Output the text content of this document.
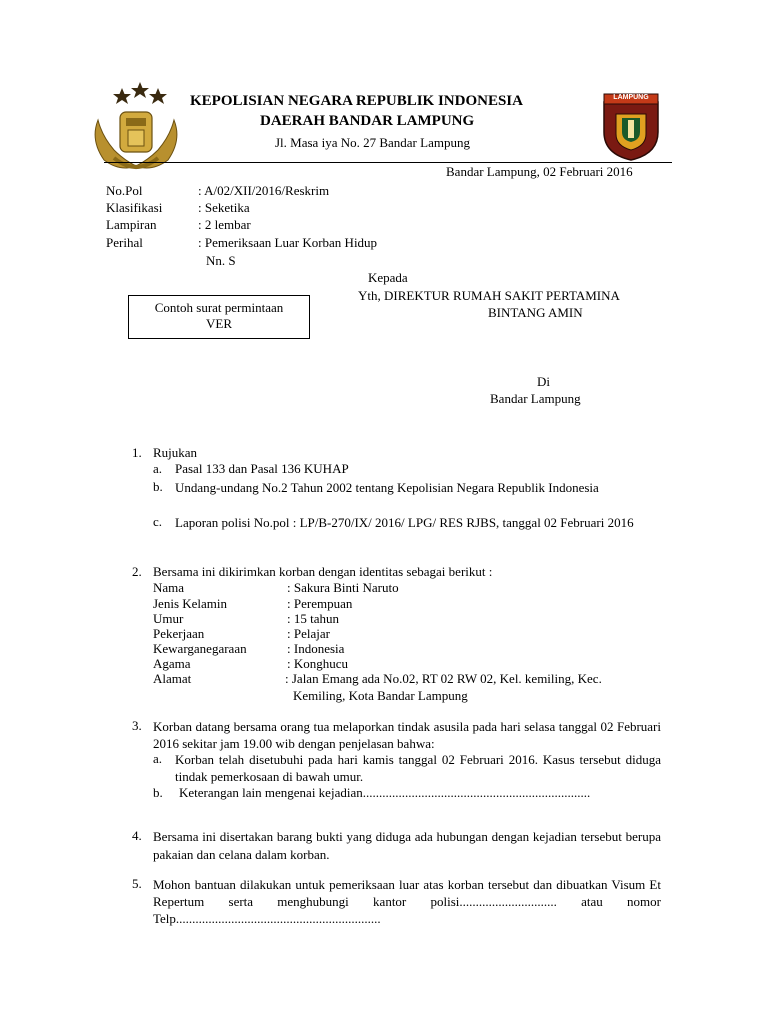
LAMPUNG
KEPOLISIAN NEGARA REPUBLIK INDONESIA
DAERAH BANDAR LAMPUNG
Jl. Masa iya No. 27 Bandar Lampung
Bandar Lampung, 02 Februari 2016
No.Pol	: A/02/XII/2016/Reskrim
Klasifikasi	: Seketika
Lampiran	: 2 lembar
Perihal	: Pemeriksaan Luar Korban Hidup
Nn. S
Kepada
Yth, DIREKTUR RUMAH SAKIT PERTAMINA
BINTANG AMIN
Di
Bandar Lampung
Contoh surat permintaan
VER
1. Rujukan
a. Pasal 133 dan Pasal 136 KUHAP
b. Undang-undang No.2 Tahun 2002 tentang Kepolisian Negara Republik Indonesia
c. Laporan polisi No.pol : LP/B-270/IX/ 2016/ LPG/ RES RJBS, tanggal 02 Februari 2016
2. Bersama ini dikirimkan korban dengan identitas sebagai berikut :
Nama	: Sakura Binti Naruto
Jenis Kelamin	: Perempuan
Umur	: 15 tahun
Pekerjaan	: Pelajar
Kewarganegaraan	: Indonesia
Agama	: Konghucu
Alamat	: Jalan Emang ada No.02, RT 02 RW 02, Kel. kemiling, Kec.
Kemiling, Kota Bandar Lampung
3. Korban datang bersama orang tua melaporkan tindak asusila pada hari selasa tanggal 02 Februari 2016 sekitar jam 19.00 wib dengan penjelasan bahwa:
a. Korban telah disetubuhi pada hari kamis tanggal 02 Februari 2016. Kasus tersebut diduga tindak pemerkosaan di bawah umur.
b. Keterangan lain mengenai kejadian......................................................................
4. Bersama ini disertakan barang bukti yang diduga ada hubungan dengan kejadian tersebut berupa pakaian dan celana dalam korban.
5. Mohon bantuan dilakukan untuk pemeriksaan luar atas korban tersebut dan dibuatkan Visum Et Repertum serta menghubungi kantor polisi.............................. atau nomor Telp...............................................................
